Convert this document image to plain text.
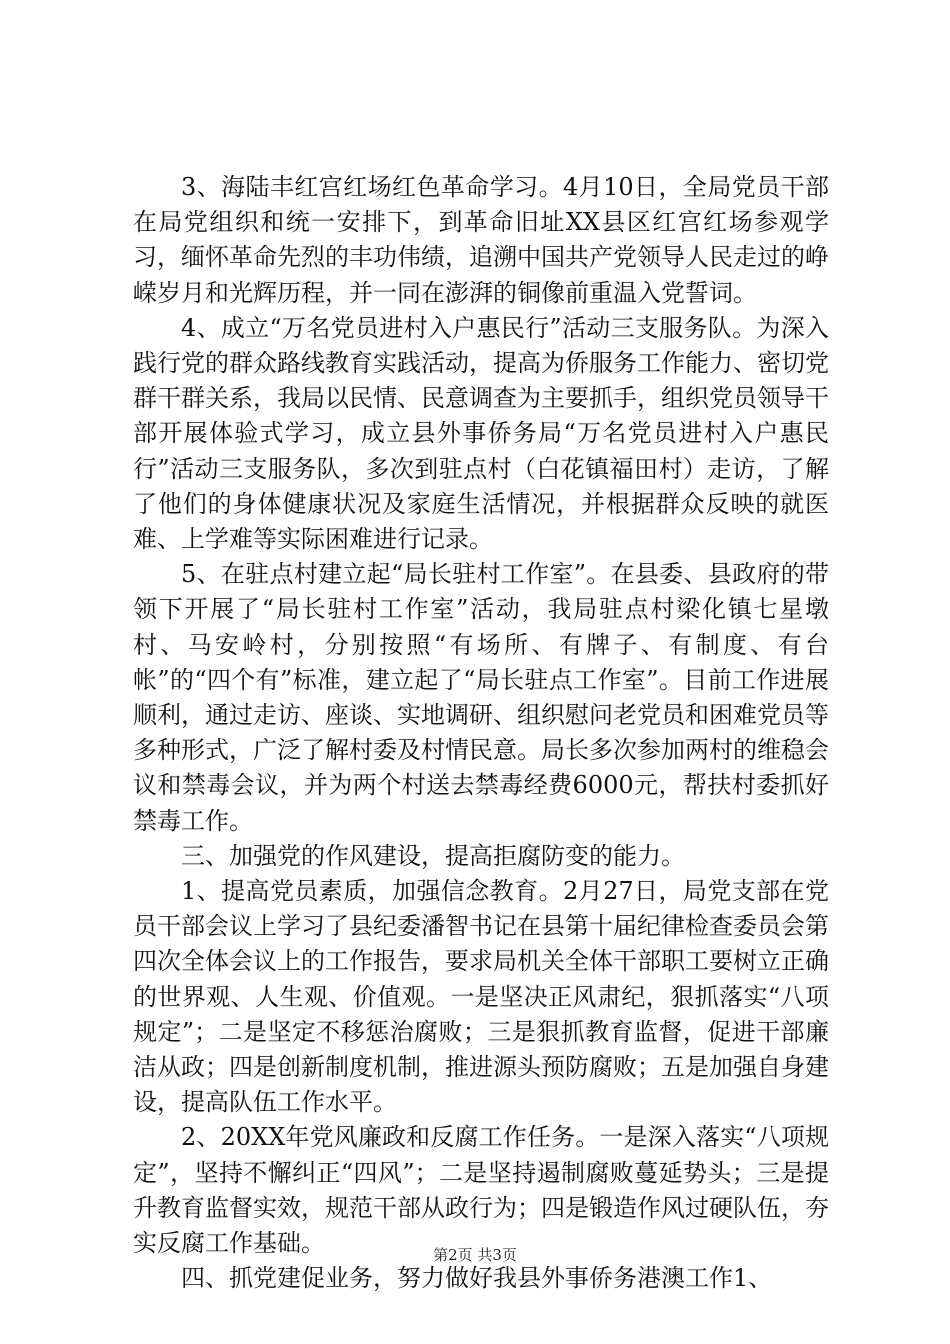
3、海陆丰红宫红场红色革命学习。4月10日，全局党员干部在局党组织和统一安排下，到革命旧址XX县区红宫红场参观学习，缅怀革命先烈的丰功伟绩，追溯中国共产党领导人民走过的峥嵘岁月和光辉历程，并一同在澎湃的铜像前重温入党誓词。

4、成立“万名党员进村入户惠民行”活动三支服务队。为深入践行党的群众路线教育实践活动，提高为侨服务工作能力、密切党群干群关系，我局以民情、民意调查为主要抓手，组织党员领导干部开展体验式学习，成立县外事侨务局“万名党员进村入户惠民行”活动三支服务队，多次到驻点村（白花镇福田村）走访，了解了他们的身体健康状况及家庭生活情况，并根据群众反映的就医难、上学难等实际困难进行记录。

5、在驻点村建立起“局长驻村工作室”。在县委、县政府的带领下开展了“局长驻村工作室”活动，我局驻点村梁化镇七星墩村、马安岭村，分别按照“有场所、有牌子、有制度、有台帐”的“四个有”标准，建立起了“局长驻点工作室”。目前工作进展顺利，通过走访、座谈、实地调研、组织慰问老党员和困难党员等多种形式，广泛了解村委及村情民意。局长多次参加两村的维稳会议和禁毒会议，并为两个村送去禁毒经费6000元，帮扶村委抓好禁毒工作。

三、加强党的作风建设，提高拒腐防变的能力。

1、提高党员素质，加强信念教育。2月27日，局党支部在党员干部会议上学习了县纪委潘智书记在县第十届纪律检查委员会第四次全体会议上的工作报告，要求局机关全体干部职工要树立正确的世界观、人生观、价值观。一是坚决正风肃纪，狠抓落实“八项规定”；二是坚定不移惩治腐败；三是狠抓教育监督，促进干部廉洁从政；四是创新制度机制，推进源头预防腐败；五是加强自身建设，提高队伍工作水平。

2、20XX年党风廉政和反腐工作任务。一是深入落实“八项规定”，坚持不懈纠正“四风”；二是坚持遏制腐败蔓延势头；三是提升教育监督实效，规范干部从政行为；四是锻造作风过硬队伍，夯实反腐工作基础。

四、抓党建促业务，努力做好我县外事侨务港澳工作1、

第2页 共3页
